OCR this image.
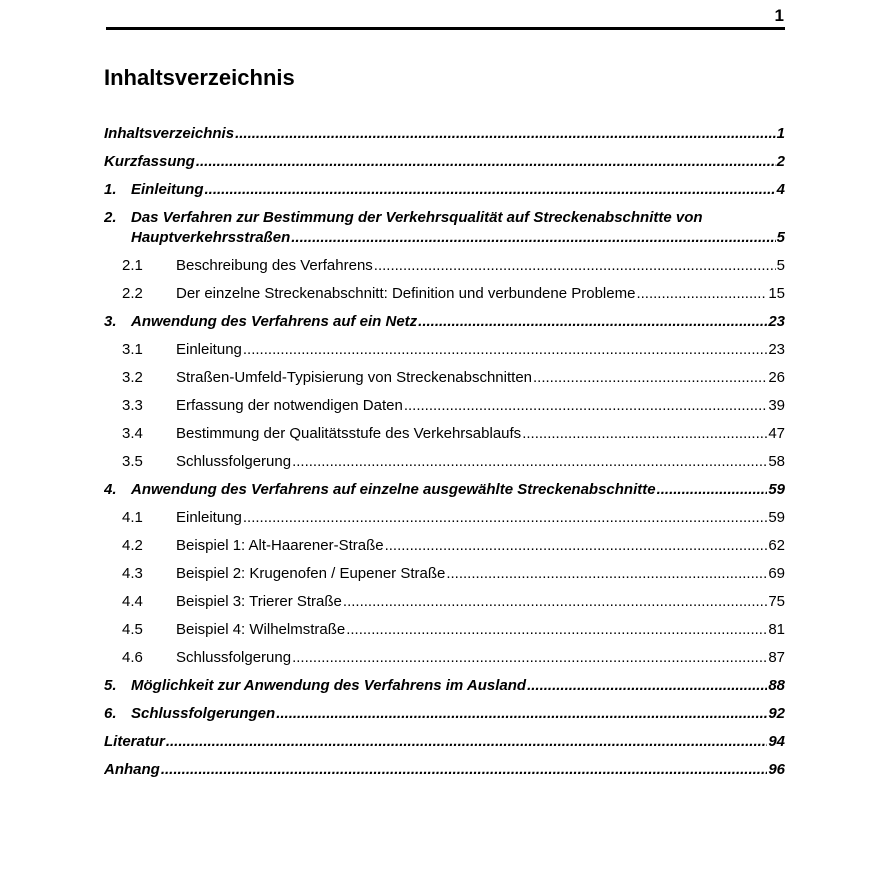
1
Inhaltsverzeichnis
Inhaltsverzeichnis .....	1
Kurzfassung .....	2
1. Einleitung .....	4
2. Das Verfahren zur Bestimmung der Verkehrsqualität auf Streckenabschnitte von
Hauptverkehrsstraßen .....	5
2.1	Beschreibung des Verfahrens .....	5
2.2	Der einzelne Streckenabschnitt: Definition und verbundene Probleme .....	15
3. Anwendung des Verfahrens auf ein Netz .....	23
3.1	Einleitung .....	23
3.2	Straßen-Umfeld-Typisierung von Streckenabschnitten .....	26
3.3	Erfassung der notwendigen Daten .....	39
3.4	Bestimmung der Qualitätsstufe des Verkehrsablaufs .....	47
3.5	Schlussfolgerung .....	58
4. Anwendung des Verfahrens auf einzelne ausgewählte Streckenabschnitte .....	59
4.1	Einleitung .....	59
4.2	Beispiel 1: Alt-Haarener-Straße .....	62
4.3	Beispiel 2: Krugenofen / Eupener Straße .....	69
4.4	Beispiel 3: Trierer Straße .....	75
4.5	Beispiel 4: Wilhelmstraße .....	81
4.6	Schlussfolgerung .....	87
5. Möglichkeit zur Anwendung des Verfahrens im Ausland .....	88
6. Schlussfolgerungen .....	92
Literatur .....	94
Anhang .....	96
